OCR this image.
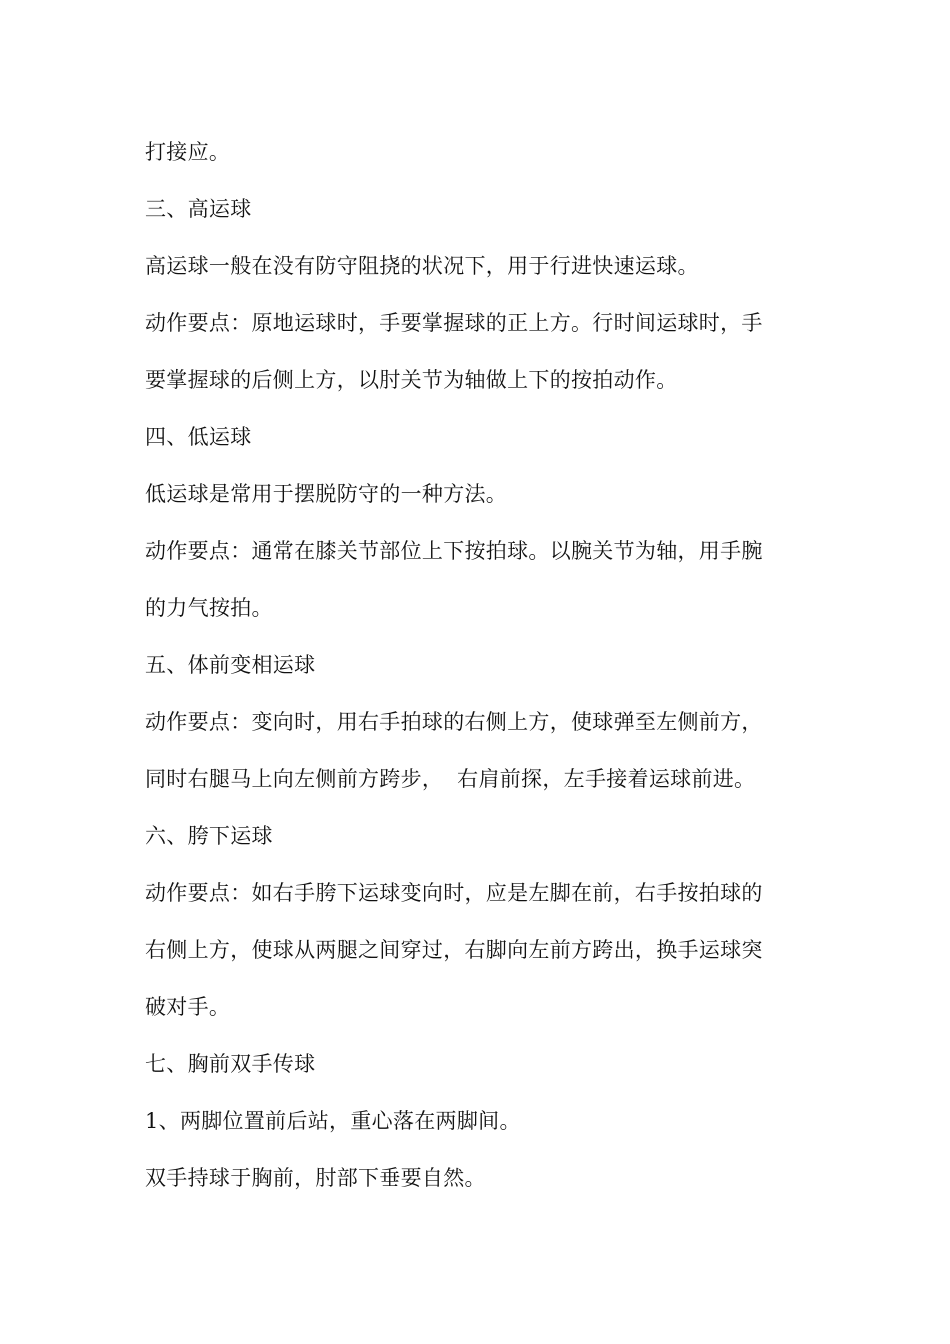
打接应。
三、高运球
高运球一般在没有防守阻挠的状况下，用于行进快速运球。
动作要点：原地运球时，手要掌握球的正上方。行时间运球时，手
要掌握球的后侧上方，以肘关节为轴做上下的按拍动作。
四、低运球
低运球是常用于摆脱防守的一种方法。
动作要点：通常在膝关节部位上下按拍球。以腕关节为轴，用手腕
的力气按拍。
五、体前变相运球
动作要点：变向时，用右手拍球的右侧上方，使球弹至左侧前方，
同时右腿马上向左侧前方跨步，  右肩前探，左手接着运球前进。
六、胯下运球
动作要点：如右手胯下运球变向时，应是左脚在前，右手按拍球的
右侧上方，使球从两腿之间穿过，右脚向左前方跨出，换手运球突
破对手。
七、胸前双手传球
1、两脚位置前后站，重心落在两脚间。
双手持球于胸前，肘部下垂要自然。
